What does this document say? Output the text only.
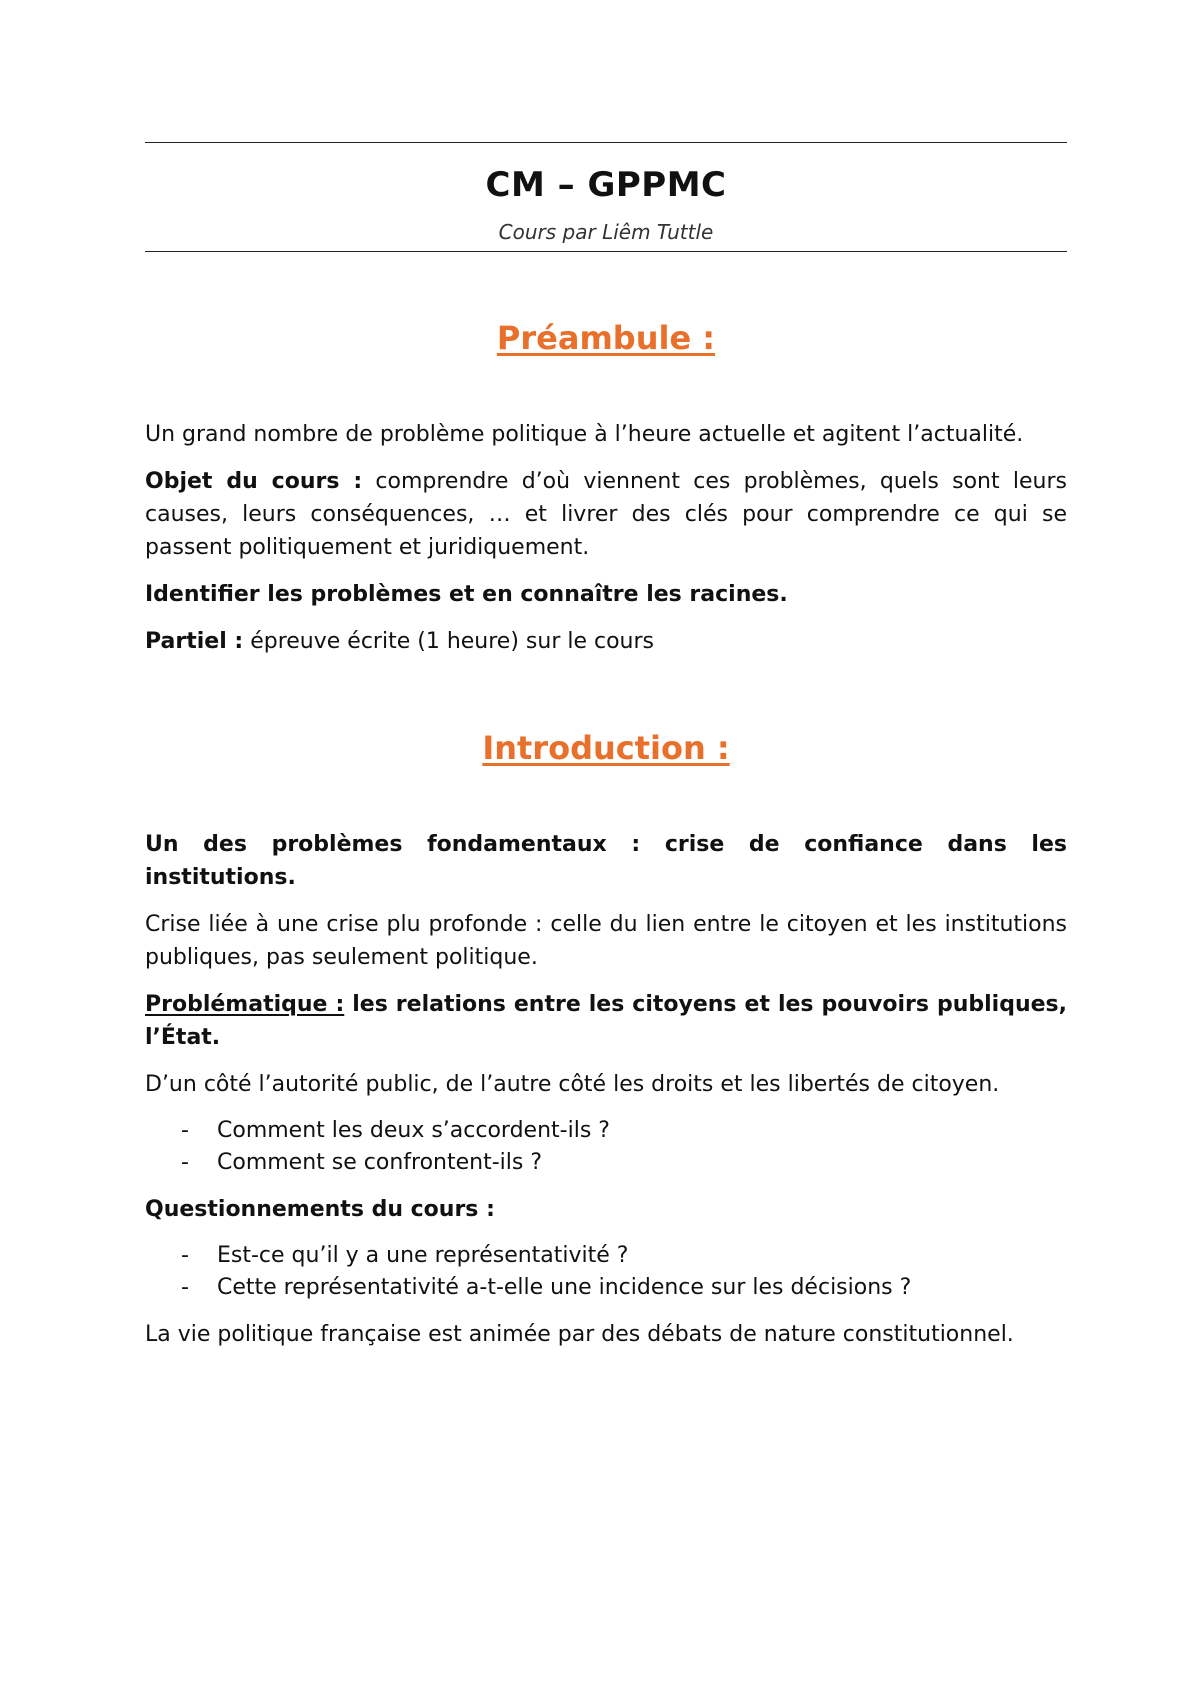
CM – GPPMC
Cours par Liêm Tuttle
Préambule :

Un grand nombre de problème politique à l’heure actuelle et agitent l’actualité.

Objet du cours : comprendre d’où viennent ces problèmes, quels sont leurs causes, leurs conséquences, … et livrer des clés pour comprendre ce qui se passent politiquement et juridiquement.

Identifier les problèmes et en connaître les racines.

Partiel : épreuve écrite (1 heure) sur le cours

Introduction :

Un des problèmes fondamentaux : crise de confiance dans les institutions.

Crise liée à une crise plu profonde : celle du lien entre le citoyen et les institutions publiques, pas seulement politique.

Problématique : les relations entre les citoyens et les pouvoirs publiques, l’État.

D’un côté l’autorité public, de l’autre côté les droits et les libertés de citoyen.

- Comment les deux s’accordent-ils ?
- Comment se confrontent-ils ?

Questionnements du cours :

- Est-ce qu’il y a une représentativité ?
- Cette représentativité a-t-elle une incidence sur les décisions ?

La vie politique française est animée par des débats de nature constitutionnel.
